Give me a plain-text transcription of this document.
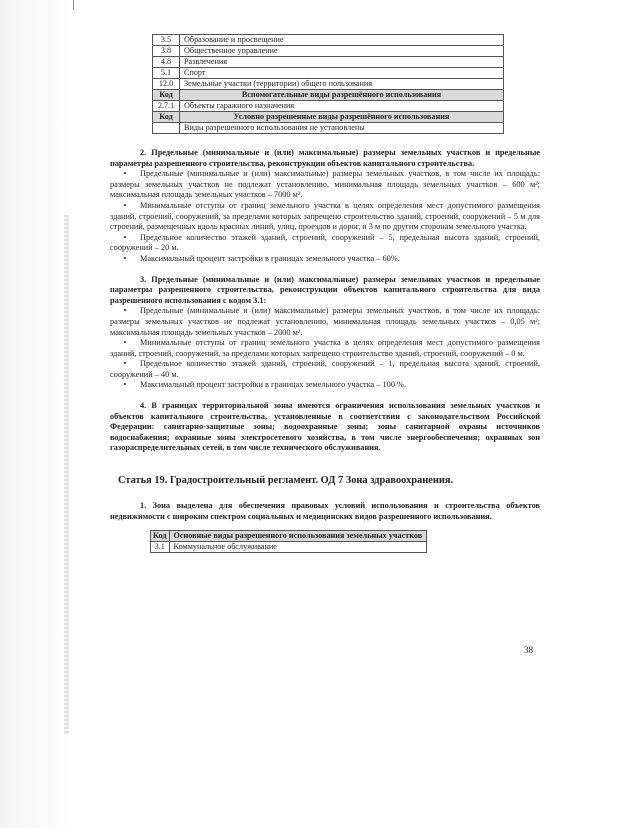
3.5	Образование и просвещение
3.8	Общественное управление
4.8	Развлечения
5.1	Спорт
12.0	Земельные участки (территории) общего пользования
Код	Вспомогательные виды разрешённого использования
2.7.1	Объекты гаражного назначения
Код	Условно разрешенные виды разрешённого использования
	Виды разрешенного использования не установлены

2. Предельные (минимальные и (или) максимальные) размеры земельных участков и предельные параметры разрешенного строительства, реконструкции объектов капитального строительства.

• Предельные (минимальные и (или) максимальные) размеры земельных участков, в том числе их площадь: размеры земельных участков не подлежат установлению, минимальная площадь земельных участков – 600 м²; максимальная площадь земельных участков – 7000 м².

• Минимальные отступы от границ земельного участка в целях определения мест допустимого размещения зданий, строений, сооружений, за пределами которых запрещено строительство зданий, строений, сооружений – 5 м для строений, размещенных вдоль красных линий, улиц, проездов и дорог, и 3 м по другим сторонам земельного участка.

• Предельное количество этажей зданий, строений, сооружений – 5, предельная высота зданий, строений, сооружений – 20 м.

• Максимальный процент застройки в границах земельного участка – 60%.

3. Предельные (минимальные и (или) максимальные) размеры земельных участков и предельные параметры разрешенного строительства, реконструкции объектов капитального строительства для вида разрешенного использования с кодом 3.1:

• Предельные (минимальные и (или) максимальные) размеры земельных участков, в том числе их площадь: размеры земельных участков не подлежат установлению, минимальная площадь земельных участков – 0,05 м²; максимальная площадь земельных участков – 2000 м².

• Минимальные отступы от границ земельного участка в целях определения мест допустимого размещения зданий, строений, сооружений, за пределами которых запрещено строительство зданий, строений, сооружений – 0 м.

• Предельное количество этажей зданий, строений, сооружений – 1, предельная высота зданий, строений, сооружений – 40 м.

• Максимальный процент застройки в границах земельного участка – 100 %.

4. В границах территориальной зоны имеются ограничения использования земельных участков и объектов капитального строительства, установленные в соответствии с законодательством Российской Федерации: санитарно-защитные зоны; водоохранные зоны; зоны санитарной охраны источников водоснабжения; охранные зоны электросетевого хозяйства, в том числе энергообеспечения; охранных зон газораспределительных сетей, в том числе технического обслуживания.

Статья 19. Градостроительный регламент. ОД 7 Зона здравоохранения.

1. Зона выделена для обеспечения правовых условий использования и строительства объектов недвижимости с широким спектром социальных и медицинских видов разрешенного использования.

Код	Основные виды разрешенного использования земельных участков
3.1	Коммунальное обслуживание
38
